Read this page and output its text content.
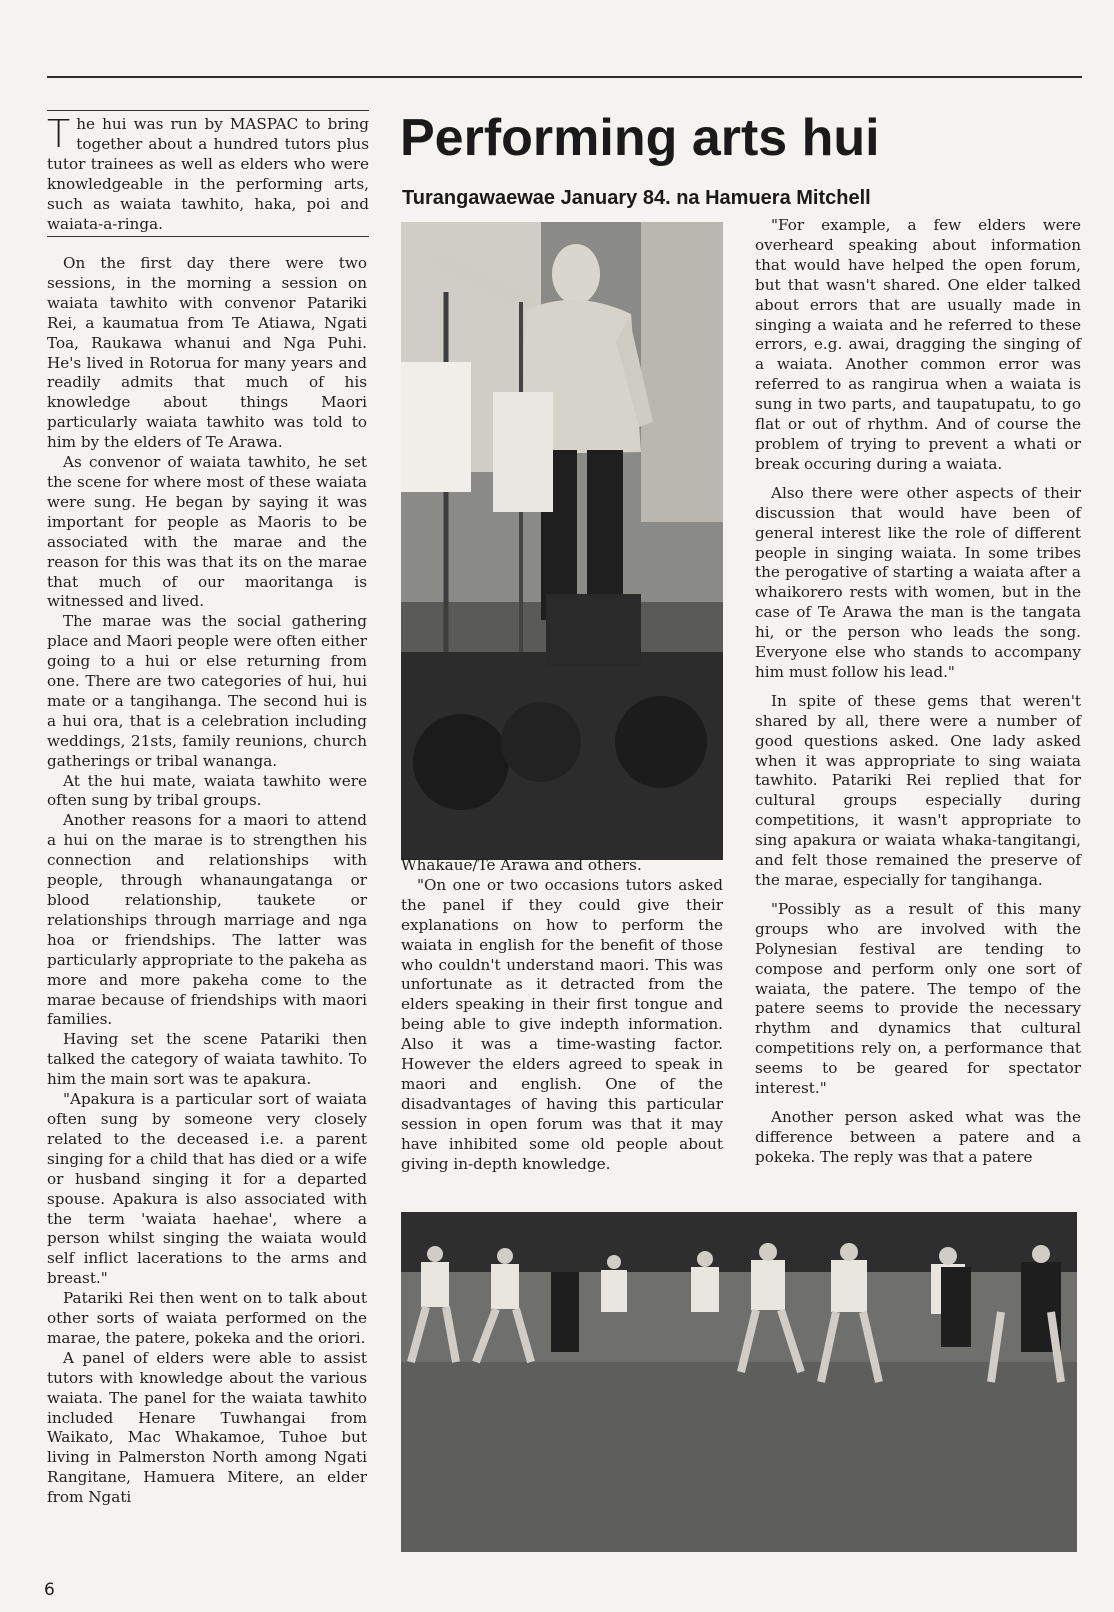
The hui was run by MASPAC to bring together about a hundred tutors plus tutor trainees as well as elders who were knowledgeable in the performing arts, such as waiata tawhito, haka, poi and waiata-a-ringa.
Performing arts hui
Turangawaewae January 84. na Hamuera Mitchell

On the first day there were two sessions, in the morning a session on waiata tawhito with convenor Patariki Rei, a kaumatua from Te Atiawa, Ngati Toa, Raukawa whanui and Nga Puhi. He's lived in Rotorua for many years and readily admits that much of his knowledge about things Maori particularly waiata tawhito was told to him by the elders of Te Arawa.

As convenor of waiata tawhito, he set the scene for where most of these waiata were sung. He began by saying it was important for people as Maoris to be associated with the marae and the reason for this was that its on the marae that much of our maoritanga is witnessed and lived.

The marae was the social gathering place and Maori people were often either going to a hui or else returning from one. There are two categories of hui, hui mate or a tangihanga. The second hui is a hui ora, that is a celebration including weddings, 21sts, family reunions, church gatherings or tribal wananga.

At the hui mate, waiata tawhito were often sung by tribal groups.

Another reasons for a maori to attend a hui on the marae is to strengthen his connection and relationships with people, through whanaungatanga or blood relationship, taukete or relationships through marriage and nga hoa or friendships. The latter was particularly appropriate to the pakeha as more and more pakeha come to the marae because of friendships with maori families.

Having set the scene Patariki then talked the category of waiata tawhito. To him the main sort was te apakura.

"Apakura is a particular sort of waiata often sung by someone very closely related to the deceased i.e. a parent singing for a child that has died or a wife or husband singing it for a departed spouse. Apakura is also associated with the term 'waiata haehae', where a person whilst singing the waiata would self inflict lacerations to the arms and breast."

Patariki Rei then went on to talk about other sorts of waiata performed on the marae, the patere, pokeka and the oriori.

A panel of elders were able to assist tutors with knowledge about the various waiata. The panel for the waiata tawhito included Henare Tuwhangai from Waikato, Mac Whakamoe, Tuhoe but living in Palmerston North among Ngati Rangitane, Hamuera Mitere, an elder from Ngati

Whakaue/Te Arawa and others.

"On one or two occasions tutors asked the panel if they could give their explanations on how to perform the waiata in english for the benefit of those who couldn't understand maori. This was unfortunate as it detracted from the elders speaking in their first tongue and being able to give indepth information. Also it was a time-wasting factor. However the elders agreed to speak in maori and english. One of the disadvantages of having this particular session in open forum was that it may have inhibited some old people about giving in-depth knowledge.

"For example, a few elders were overheard speaking about information that would have helped the open forum, but that wasn't shared. One elder talked about errors that are usually made in singing a waiata and he referred to these errors, e.g. awai, dragging the singing of a waiata. Another common error was referred to as rangirua when a waiata is sung in two parts, and taupatupatu, to go flat or out of rhythm. And of course the problem of trying to prevent a whati or break occuring during a waiata.

Also there were other aspects of their discussion that would have been of general interest like the role of different people in singing waiata. In some tribes the perogative of starting a waiata after a whaikorero rests with women, but in the case of Te Arawa the man is the tangata hi, or the person who leads the song. Everyone else who stands to accompany him must follow his lead."

In spite of these gems that weren't shared by all, there were a number of good questions asked. One lady asked when it was appropriate to sing waiata tawhito. Patariki Rei replied that for cultural groups especially during competitions, it wasn't appropriate to sing apakura or waiata whaka-tangitangi, and felt those remained the preserve of the marae, especially for tangihanga.

"Possibly as a result of this many groups who are involved with the Polynesian festival are tending to compose and perform only one sort of waiata, the patere. The tempo of the patere seems to provide the necessary rhythm and dynamics that cultural competitions rely on, a performance that seems to be geared for spectator interest."

Another person asked what was the difference between a patere and a pokeka. The reply was that a patere

6
